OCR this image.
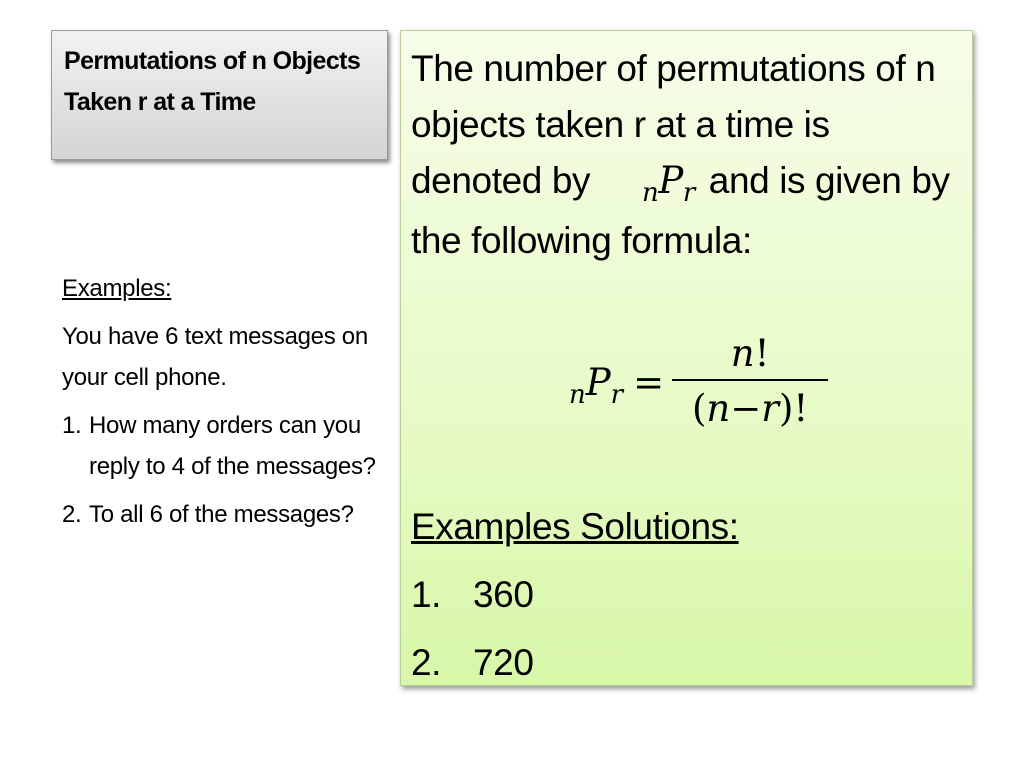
Permutations of n Objects Taken r at a Time
Examples:
You have 6 text messages on your cell phone.
1. How many orders can you reply to 4 of the messages?
2. To all 6 of the messages?
The number of permutations of n objects taken r at a time is denoted by $_nP_r$ and is given by the following formula:
$_nP_r = \frac{n!}{(n-r)!}$
Examples Solutions:
1. 360
2. 720
